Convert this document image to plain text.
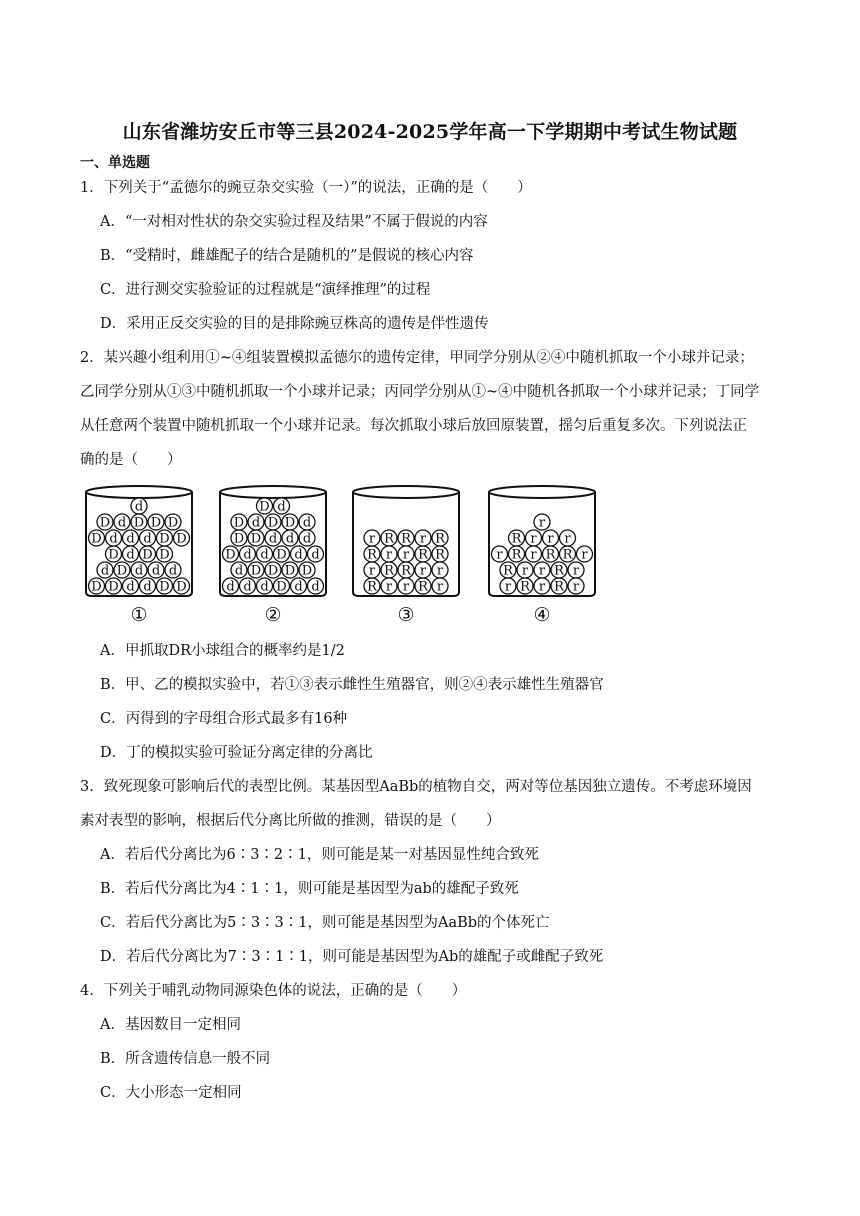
山东省潍坊安丘市等三县2024-2025学年高一下学期期中考试生物试题
一、单选题
1．下列关于“孟德尔的豌豆杂交实验（一）”的说法，正确的是（　　）
A．“一对相对性状的杂交实验过程及结果”不属于假说的内容
B．“受精时，雌雄配子的结合是随机的”是假说的核心内容
C．进行测交实验验证的过程就是“演绎推理”的过程
D．采用正反交实验的目的是排除豌豆株高的遗传是伴性遗传
2．某兴趣小组利用①~④组装置模拟孟德尔的遗传定律，甲同学分别从②④中随机抓取一个小球并记录；
乙同学分别从①③中随机抓取一个小球并记录；丙同学分别从①~④中随机各抓取一个小球并记录；丁同学
从任意两个装置中随机抓取一个小球并记录。每次抓取小球后放回原装置，摇匀后重复多次。下列说法正
确的是（　　）
d
D d D D D
D d d d D D
D d D D
d D d d d
D D d d D D
①
D d
D d D D d
D D d d d
D d d D d d
d D D D D
d d d D d d
②
r R R r R
R r r R R
r R R r r
R r r R r
③
r
R r r r
r R r R R r
R r r R r
r R r R r
④
A．甲抓取DR小球组合的概率约是1/2
B．甲、乙的模拟实验中，若①③表示雌性生殖器官，则②④表示雄性生殖器官
C．丙得到的字母组合形式最多有16种
D．丁的模拟实验可验证分离定律的分离比
3．致死现象可影响后代的表型比例。某基因型AaBb的植物自交，两对等位基因独立遗传。不考虑环境因
素对表型的影响，根据后代分离比所做的推测，错误的是（　　）
A．若后代分离比为6∶3∶2∶1，则可能是某一对基因显性纯合致死
B．若后代分离比为4∶1∶1，则可能是基因型为ab的雄配子致死
C．若后代分离比为5∶3∶3∶1，则可能是基因型为AaBb的个体死亡
D．若后代分离比为7∶3∶1∶1，则可能是基因型为Ab的雄配子或雌配子致死
4．下列关于哺乳动物同源染色体的说法，正确的是（　　）
A．基因数目一定相同
B．所含遗传信息一般不同
C．大小形态一定相同
